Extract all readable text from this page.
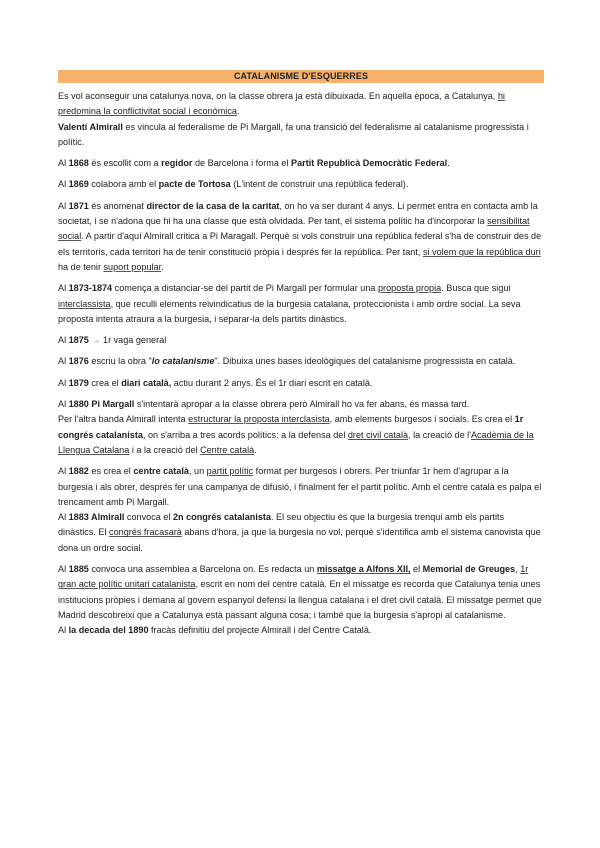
CATALANISME D'ESQUERRES

Es vol aconseguir una catalunya nova, on la classe obrera ja està dibuixada. En aquella època, a Catalunya, hi predomina la conflictivitat social i econòmica.

Valentí Almirall es vincula al federalisme de Pi Margall, fa una transició del federalisme al catalanisme progressista i polític.

Al 1868 és escollit com a regidor de Barcelona i forma el Partit Republicà Democràtic Federal.

Al 1869 colabora amb el pacte de Tortosa (L'intent de construir una república federal).

Al 1871 és anomenat director de la casa de la caritat, on ho va ser durant 4 anys. Li permet entra en contacta amb la societat, i se n'adona que hi ha una classe que està olvidada. Per tant, el sistema polític ha d'incorporar la sensibilitat social. A partir d'aquí Almirall critica a Pi Maragall. Perquè si vols construir una república federal s'ha de construir des de els territoris, cada territori ha de tenir constitució pròpia i després fer la república. Per tant, si volem que la república duri ha de tenir suport popular.

Al 1873-1874 comença a distanciar-se del partit de Pi Margall per formular una proposta propia. Busca que sigui interclassista, que reculli elements reivindicatius de la burgesia catalana, proteccionista i amb ordre social. La seva proposta intenta atraura a la burgesia, i separar-la dels partits dinàstics.

Al 1875 → 1r vaga general

Al 1876 escriu la obra "lo catalanisme". Dibuixa unes bases ideològiques del catalanisme progressista en català.

Al 1879 crea el diari català, actiu durant 2 anys. És el 1r diari escrit en català.

Al 1880 Pi Margall s'intentarà apropar a la classe obrera però Almirall ho va fer abans, és massa tard.

Per l'altra banda Almirall intenta estructurar la proposta interclasista, amb elements burgesos i socials. Es crea el 1r congrés catalanista, on s'arriba a tres acords polítics: a la defensa del dret civil català, la creació de l'Acadèmia de la Llengua Catalana i a la creació del Centre català.

Al 1882 es crea el centre català, un partit polític format per burgesos i obrers. Per triunfar 1r hem d'agrupar a la burgesia i als obrer, després fer una campanya de difusió, i finalment fer el partit polític. Amb el centre català es palpa el trencament amb Pi Margall.

Al 1883 Almirall convoca el 2n congrés catalanista. El seu objectiu és que la burgesia trenqui amb els partits dinàstics. El congrés fracasarà abans d'hora, ja que la burgesia no vol, perquè s'identifica amb el sistema canovista que dona un ordre social.

Al 1885 convoca una assemblea a Barcelona on. Es redacta un missatge a Alfons XII, el Memorial de Greuges, 1r gran acte polític unitari catalanista, escrit en nom del centre català. En el missatge es recorda que Catalunya tenia unes institucions pròpies i demana al govern espanyol defensi la llengua catalana i el dret civil català. El missatge permet que Madrid descobreixi que a Catalunya està passant alguna cosa; i també que la burgesia s'apropi al catalanisme.

Al la decada del 1890 fracàs definitiu del projecte Almirall i del Centre Català.
